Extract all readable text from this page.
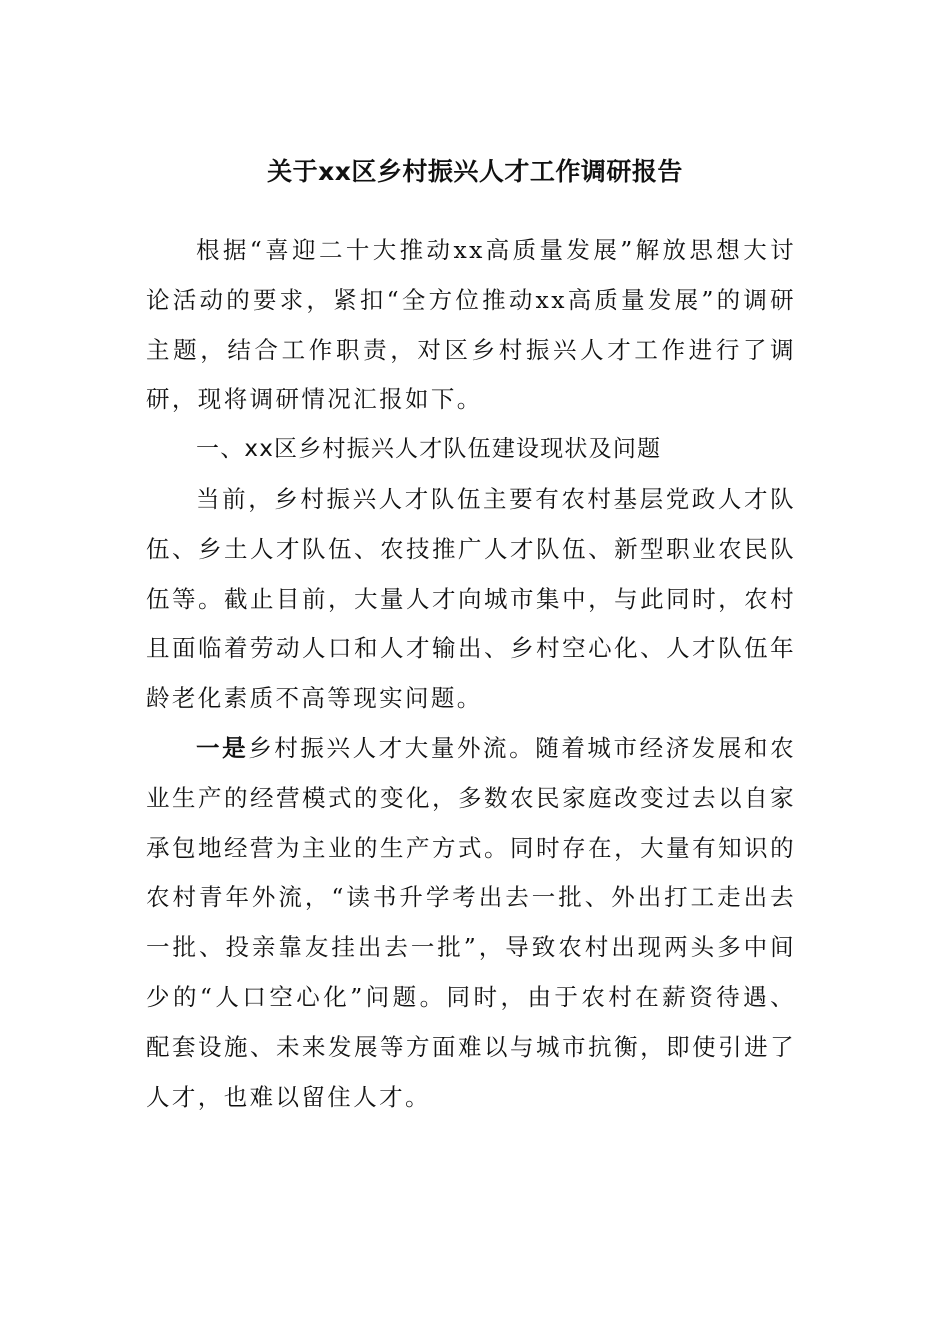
关于xx区乡村振兴人才工作调研报告

根据“喜迎二十大推动xx高质量发展”解放思想大讨论活动的要求，紧扣“全方位推动xx高质量发展”的调研主题，结合工作职责，对区乡村振兴人才工作进行了调研，现将调研情况汇报如下。

一、xx区乡村振兴人才队伍建设现状及问题

当前，乡村振兴人才队伍主要有农村基层党政人才队伍、乡土人才队伍、农技推广人才队伍、新型职业农民队伍等。截止目前，大量人才向城市集中，与此同时，农村且面临着劳动人口和人才输出、乡村空心化、人才队伍年龄老化素质不高等现实问题。

一是乡村振兴人才大量外流。随着城市经济发展和农业生产的经营模式的变化，多数农民家庭改变过去以自家承包地经营为主业的生产方式。同时存在，大量有知识的农村青年外流，“读书升学考出去一批、外出打工走出去一批、投亲靠友挂出去一批”，导致农村出现两头多中间少的“人口空心化”问题。同时，由于农村在薪资待遇、配套设施、未来发展等方面难以与城市抗衡，即使引进了人才，也难以留住人才。
